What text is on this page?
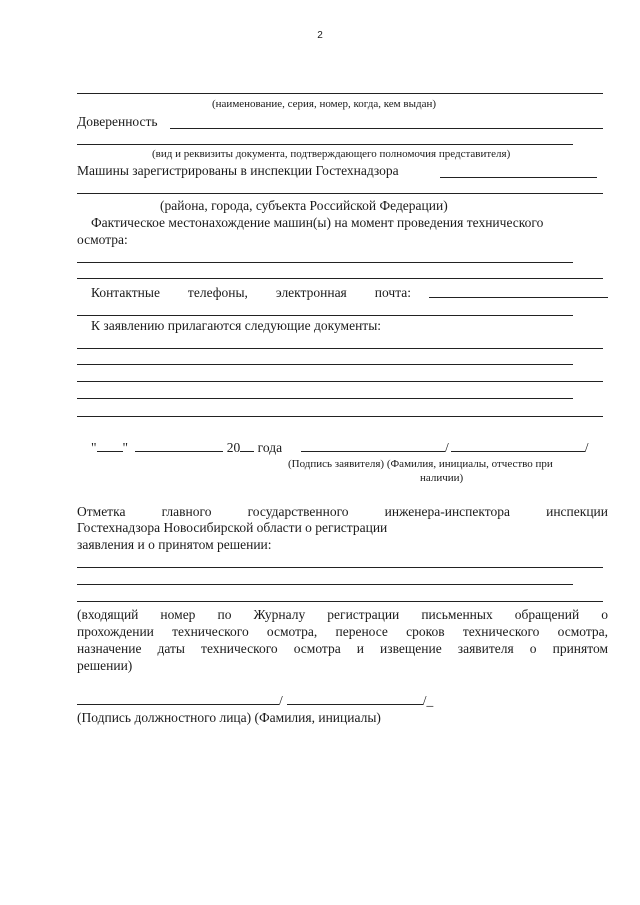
2
(наименование, серия, номер, когда, кем выдан)
Доверенность
(вид и реквизиты документа, подтверждающего полномочия представителя)
Машины зарегистрированы в инспекции Гостехнадзора
(района, города, субъекта Российской Федерации)
Фактическое местонахождение машин(ы) на момент проведения технического
осмотра:
Контактные телефоны, электронная почта:
К заявлению прилагаются следующие документы:
" "	20 года	/	/
(Подпись заявителя) (Фамилия, инициалы, отчество при
наличии)
Отметка главного государственного инженера-инспектора инспекции
Гостехнадзора Новосибирской области о регистрации
заявления и о принятом решении:
(входящий номер по Журналу регистрации письменных обращений о
прохождении технического осмотра, переносе сроков технического осмотра,
назначение даты технического осмотра и извещение заявителя о принятом
решении)
/	/_
(Подпись должностного лица) (Фамилия, инициалы)
